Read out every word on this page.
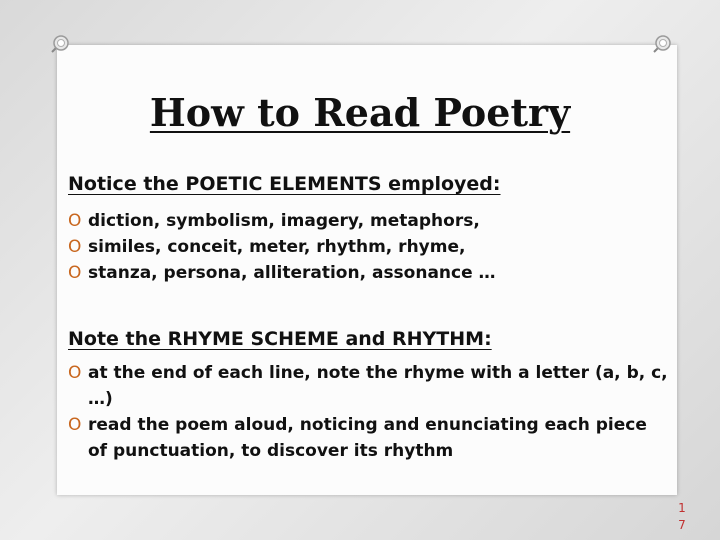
How to Read Poetry
Notice the POETIC ELEMENTS employed:
O diction, symbolism, imagery, metaphors,
O similes, conceit, meter, rhythm, rhyme,
O stanza, persona, alliteration, assonance …
Note the RHYME SCHEME and RHYTHM:
O at the end of each line, note the rhyme with a letter (a, b, c, …)
O read the poem aloud, noticing and enunciating each piece of punctuation, to discover its rhythm
17
